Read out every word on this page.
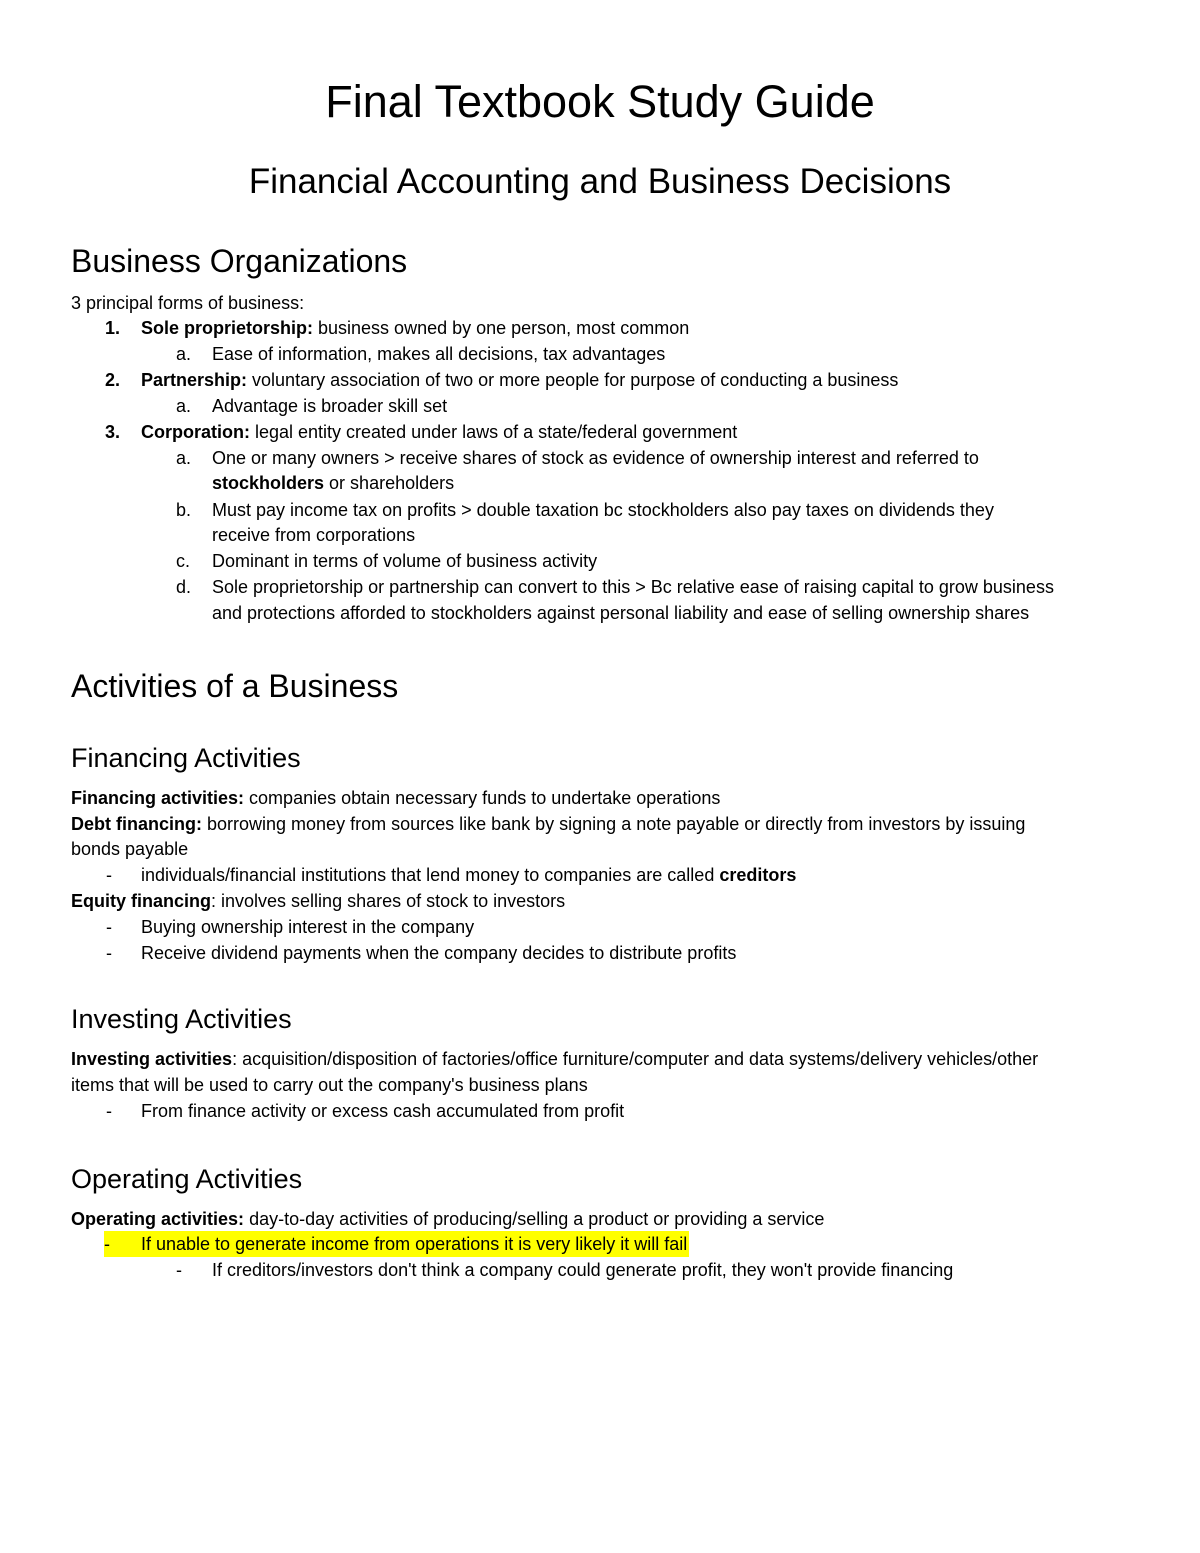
Final Textbook Study Guide
Financial Accounting and Business Decisions
Business Organizations
3 principal forms of business:
1. Sole proprietorship: business owned by one person, most common
a. Ease of information, makes all decisions, tax advantages
2. Partnership: voluntary association of two or more people for purpose of conducting a business
a. Advantage is broader skill set
3. Corporation: legal entity created under laws of a state/federal government
a. One or many owners > receive shares of stock as evidence of ownership interest and referred to
stockholders or shareholders
b. Must pay income tax on profits > double taxation bc stockholders also pay taxes on dividends they
receive from corporations
c. Dominant in terms of volume of business activity
d. Sole proprietorship or partnership can convert to this > Bc relative ease of raising capital to grow business
and protections afforded to stockholders against personal liability and ease of selling ownership shares
Activities of a Business
Financing Activities
Financing activities: companies obtain necessary funds to undertake operations
Debt financing: borrowing money from sources like bank by signing a note payable or directly from investors by issuing
bonds payable
- individuals/financial institutions that lend money to companies are called creditors
Equity financing: involves selling shares of stock to investors
- Buying ownership interest in the company
- Receive dividend payments when the company decides to distribute profits
Investing Activities
Investing activities: acquisition/disposition of factories/office furniture/computer and data systems/delivery vehicles/other
items that will be used to carry out the company's business plans
- From finance activity or excess cash accumulated from profit
Operating Activities
Operating activities: day-to-day activities of producing/selling a product or providing a service
- If unable to generate income from operations it is very likely it will fail
- If creditors/investors don't think a company could generate profit, they won't provide financing
